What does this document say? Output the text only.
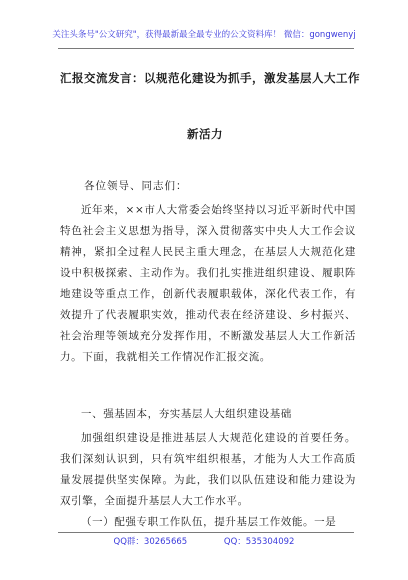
关注头条号"公文研究"，获得最新最全最专业的公文资料库！ 微信：gongwenyj
汇报交流发言：以规范化建设为抓手，激发基层人大工作
新活力
各位领导、同志们：

近年来，××市人大常委会始终坚持以习近平新时代中国特色社会主义思想为指导，深入贯彻落实中央人大工作会议精神，紧扣全过程人民民主重大理念，在基层人大规范化建设中积极探索、主动作为。我们扎实推进组织建设、履职阵地建设等重点工作，创新代表履职载体，深化代表工作，有效提升了代表履职实效，推动代表在经济建设、乡村振兴、社会治理等领域充分发挥作用，不断激发基层人大工作新活力。下面，我就相关工作情况作汇报交流。

一、强基固本，夯实基层人大组织建设基础

加强组织建设是推进基层人大规范化建设的首要任务。我们深刻认识到，只有筑牢组织根基，才能为人大工作高质量发展提供坚实保障。为此，我们以队伍建设和能力建设为双引擎，全面提升基层人大工作水平。

（一）配强专职工作队伍，提升基层工作效能。一是

QQ群：30265665	QQ：535304092
